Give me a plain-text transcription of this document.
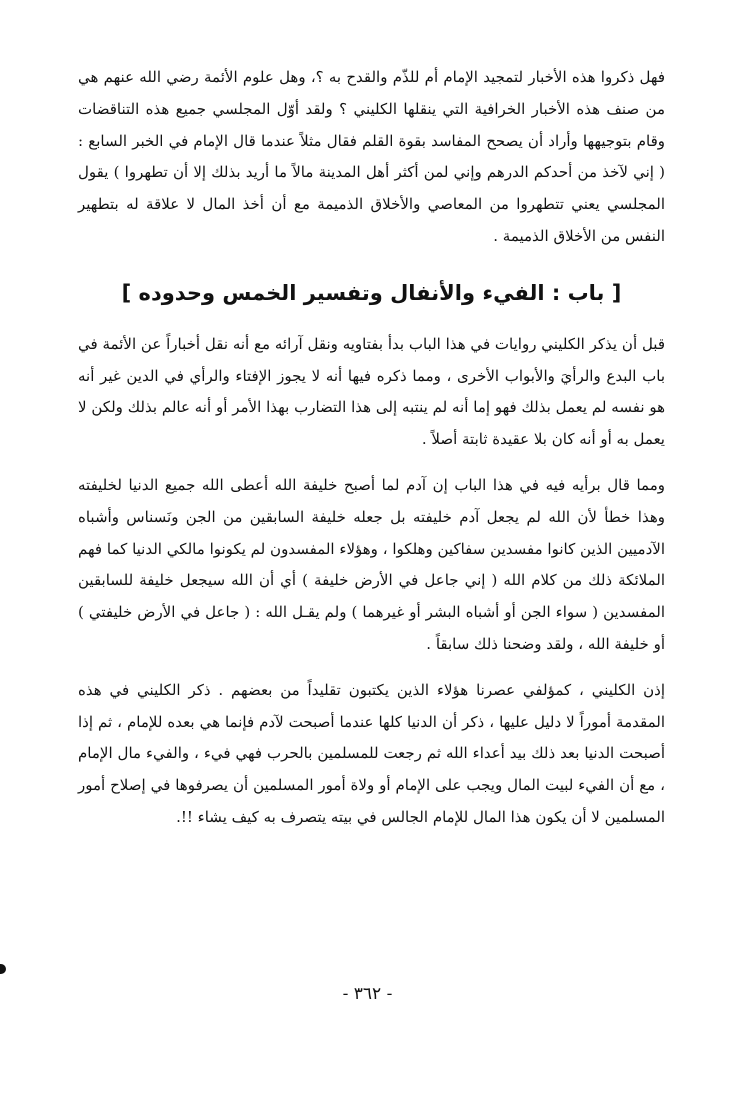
فهل ذكروا هذه الأخبار لتمجيد الإمام أم للذّم والقدح به ؟، وهل علوم الأئمة رضي الله عنهم هي من صنف هذه الأخبار الخرافية التي ينقلها الكليني ؟ ولقد أوّل المجلسي جميع هذه التناقضات وقام بتوجيهها وأراد أن يصحح المفاسد بقوة القلم فقال مثلاً عندما قال الإمام في الخبر السابع : ( إني لآخذ من أحدكم الدرهم وإني لمن أكثر أهل المدينة مالاً ما أريد بذلك إلا أن تطهروا ) يقول المجلسي يعني تتطهروا من المعاصي والأخلاق الذميمة مع أن أخذ المال لا علاقة له بتطهير النفس من الأخلاق الذميمة .

[ باب : الفيء والأنفال وتفسير الخمس وحدوده ]

قبل أن يذكر الكليني روايات في هذا الباب بدأ بفتاويه ونقل آرائه مع أنه نقل أخباراً عن الأئمة في باب البدع والرأيَ والأبواب الأخرى ، ومما ذكره فيها أنه لا يجوز الإفتاء والرأي في الدين غير أنه هو نفسه لم يعمل بذلك فهو إما أنه لم ينتبه إلى هذا التضارب بهذا الأمر أو أنه عالم بذلك ولكن لا يعمل به أو أنه كان بلا عقيدة ثابتة أصلاً .

ومما قال برأيه فيه في هذا الباب إن آدم لما أصبح خليفة الله أعطى الله جميع الدنيا لخليفته وهذا خطأ لأن الله لم يجعل آدم خليفته بل جعله خليفة السابقين من الجن ونَسناس وأشباه الآدميين الذين كانوا مفسدين سفاكين وهلكوا ، وهؤلاء المفسدون لم يكونوا مالكي الدنيا كما فهم الملائكة ذلك من كلام الله ( إني جاعل في الأرض خليفة ) أي أن الله سيجعل خليفة للسابقين المفسدين ( سواء الجن أو أشباه البشر أو غيرهما ) ولم يقـل الله : ( جاعل في الأرض خليفتي ) أو خليفة الله ، ولقد وضحنا ذلك سابقاً .

إذن الكليني ، كمؤلفي عصرنا هؤلاء الذين يكتبون تقليداً من بعضهم . ذكر الكليني في هذه المقدمة أموراً لا دليل عليها ، ذكر أن الدنيا كلها عندما أصبحت لآدم فإنما هي بعده للإمام ، ثم إذا أصبحت الدنيا بعد ذلك بيد أعداء الله ثم رجعت للمسلمين بالحرب فهي فيء ، والفيء مال الإمام ، مع أن الفيء لبيت المال ويجب على الإمام أو ولاة أمور المسلمين أن يصرفوها في إصلاح أمور المسلمين لا أن يكون هذا المال للإمام الجالس في بيته يتصرف به كيف يشاء !!.

- ٣٦٢ -
